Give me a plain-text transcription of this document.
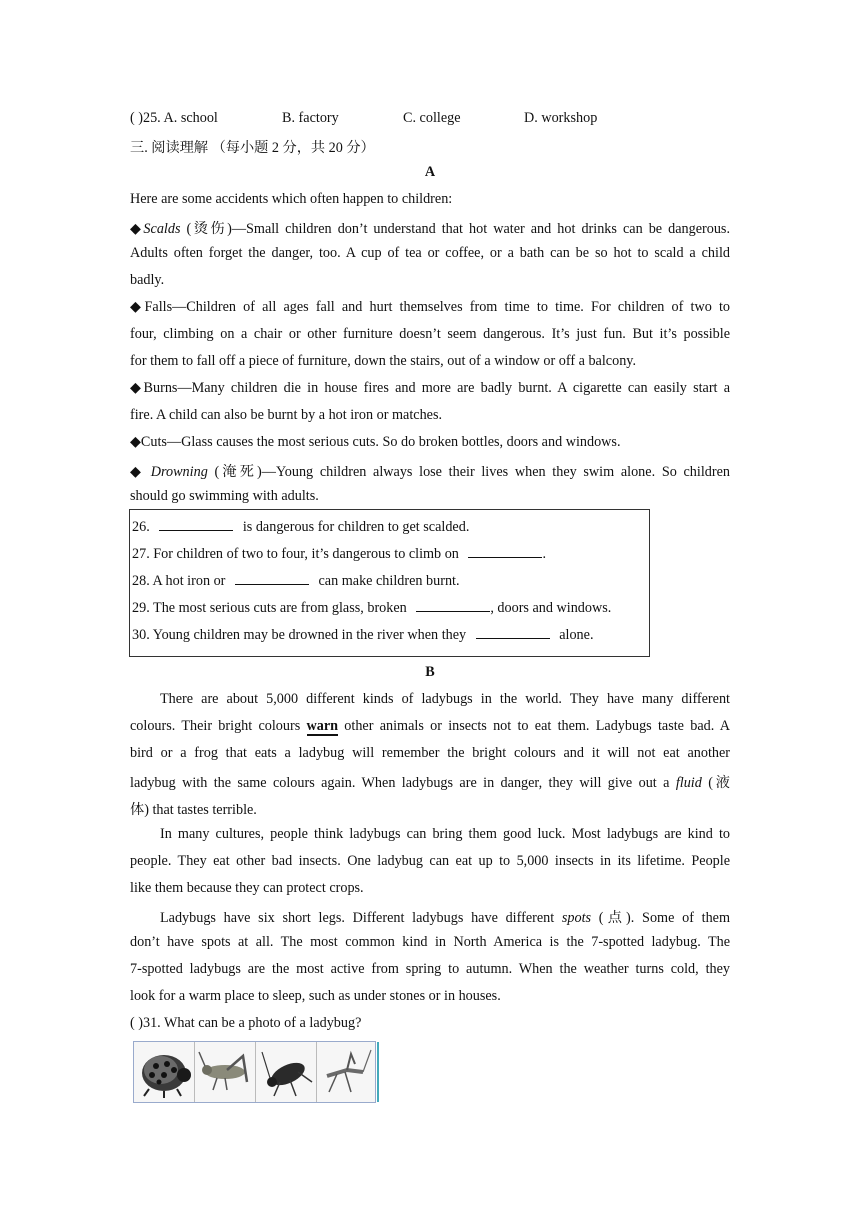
( )25. A. school	B. factory	C. college	D. workshop
三. 阅读理解 （每小题 2 分，共 20 分）
A
Here are some accidents which often happen to children:
◆Scalds (烫伤)—Small children don’t understand that hot water and hot drinks can be dangerous.
Adults often forget the danger, too. A cup of tea or coffee, or a bath can be so hot to scald a child
badly.
◆Falls—Children of all ages fall and hurt themselves from time to time. For children of two to
four, climbing on a chair or other furniture doesn’t seem dangerous. It’s just fun. But it’s possible
for them to fall off a piece of furniture, down the stairs, out of a window or off a balcony.
◆Burns—Many children die in house fires and more are badly burnt. A cigarette can easily start a
fire. A child can also be burnt by a hot iron or matches.
◆Cuts—Glass causes the most serious cuts. So do broken bottles, doors and windows.
◆ Drowning (淹死)—Young children always lose their lives when they swim alone. So children
should go swimming with adults.
26.	is dangerous for children to get scalded.
27. For children of two to four, it’s dangerous to climb on	.
28. A hot iron or	can make children burnt.
29. The most serious cuts are from glass, broken	, doors and windows.
30. Young children may be drowned in the river when they	alone.
B
There are about 5,000 different kinds of ladybugs in the world. They have many different
colours. Their bright colours warn other animals or insects not to eat them. Ladybugs taste bad. A
bird or a frog that eats a ladybug will remember the bright colours and it will not eat another
ladybug with the same colours again. When ladybugs are in danger, they will give out a fluid (液
体) that tastes terrible.
In many cultures, people think ladybugs can bring them good luck. Most ladybugs are kind to
people. They eat other bad insects. One ladybug can eat up to 5,000 insects in its lifetime. People
like them because they can protect crops.
Ladybugs have six short legs. Different ladybugs have different spots (点). Some of them
don’t have spots at all. The most common kind in North America is the 7-spotted ladybug. The
7-spotted ladybugs are the most active from spring to autumn. When the weather turns cold, they
look for a warm place to sleep, such as under stones or in houses.
( )31. What can be a photo of a ladybug?
